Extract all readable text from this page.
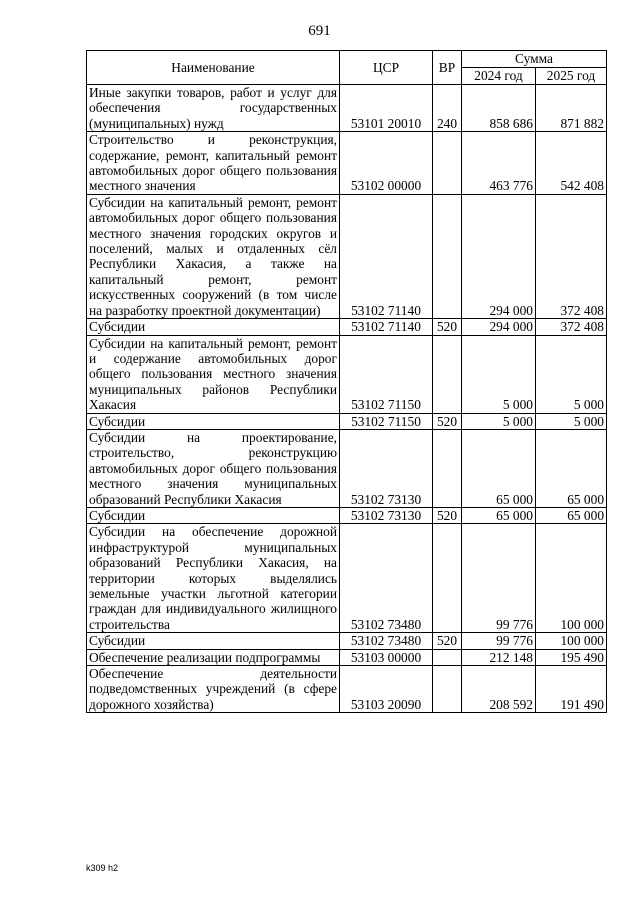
691
Наименование	ЦСР	ВР	Сумма	
			2024 год	2025 год
Иные закупки товаров, работ и услуг для обеспечения государственных (муниципальных) нужд	53101 20010	240	858 686	871 882
Строительство и реконструкция, содержание, ремонт, капитальный ремонт автомобильных дорог общего пользования местного значения	53102 00000		463 776	542 408
Субсидии на капитальный ремонт, ремонт автомобильных дорог общего пользования местного значения городских округов и поселений, малых и отдаленных сёл Республики Хакасия, а также на капитальный ремонт, ремонт искусственных сооружений (в том числе на разработку проектной документации)	53102 71140		294 000	372 408
Субсидии	53102 71140	520	294 000	372 408
Субсидии на капитальный ремонт, ремонт и содержание автомобильных дорог общего пользования местного значения муниципальных районов Республики Хакасия	53102 71150		5 000	5 000
Субсидии	53102 71150	520	5 000	5 000
Субсидии на проектирование, строительство, реконструкцию автомобильных дорог общего пользования местного значения муниципальных образований Республики Хакасия	53102 73130		65 000	65 000
Субсидии	53102 73130	520	65 000	65 000
Субсидии на обеспечение дорожной инфраструктурой муниципальных образований Республики Хакасия, на территории которых выделялись земельные участки льготной категории граждан для индивидуального жилищного строительства	53102 73480		99 776	100 000
Субсидии	53102 73480	520	99 776	100 000
Обеспечение реализации подпрограммы	53103 00000		212 148	195 490
Обеспечение деятельности подведомственных учреждений (в сфере дорожного хозяйства)	53103 20090		208 592	191 490
k309 h2
